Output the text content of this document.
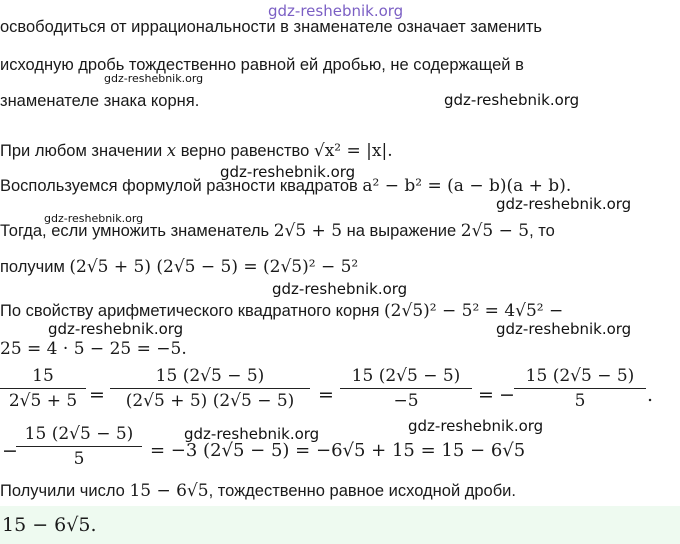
gdz-reshebnik.org
освободиться от иррациональности в знаменателе означает заменить
исходную дробь тождественно равной ей дробью, не содержащей в
gdz-reshebnik.org
знаменателе знака корня.	gdz-reshebnik.org
При любом значении x верно равенство √x² = |x|.
gdz-reshebnik.org
Воспользуемся формулой разности квадратов a² − b² = (a − b)(a + b).
gdz-reshebnik.org
gdz-reshebnik.org
Тогда, если умножить знаменатель 2√5 + 5 на выражение 2√5 − 5, то
получим (2√5 + 5) (2√5 − 5) = (2√5)² − 5²
gdz-reshebnik.org
По свойству арифметического квадратного корня (2√5)² − 5² = 4√5² −
gdz-reshebnik.org	gdz-reshebnik.org
25 = 4 · 5 − 25 = −5.
$\frac{15}{2√5 + 5} = \frac{15 (2√5 - 5)}{(2√5 + 5) (2√5 - 5)} = \frac{15 (2√5 - 5)}{-5}$ = − $\frac{15 (2√5 - 5)}{5}$ .
gdz-reshebnik.org	gdz-reshebnik.org
−
$\frac{15 (2√5 - 5)}{5} = -3$ (2√5 − 5) = −6√5 + 15 = 15 − 6√5
Получили число 15 − 6√5, тождественно равное исходной дроби.
15 − 6√5.
